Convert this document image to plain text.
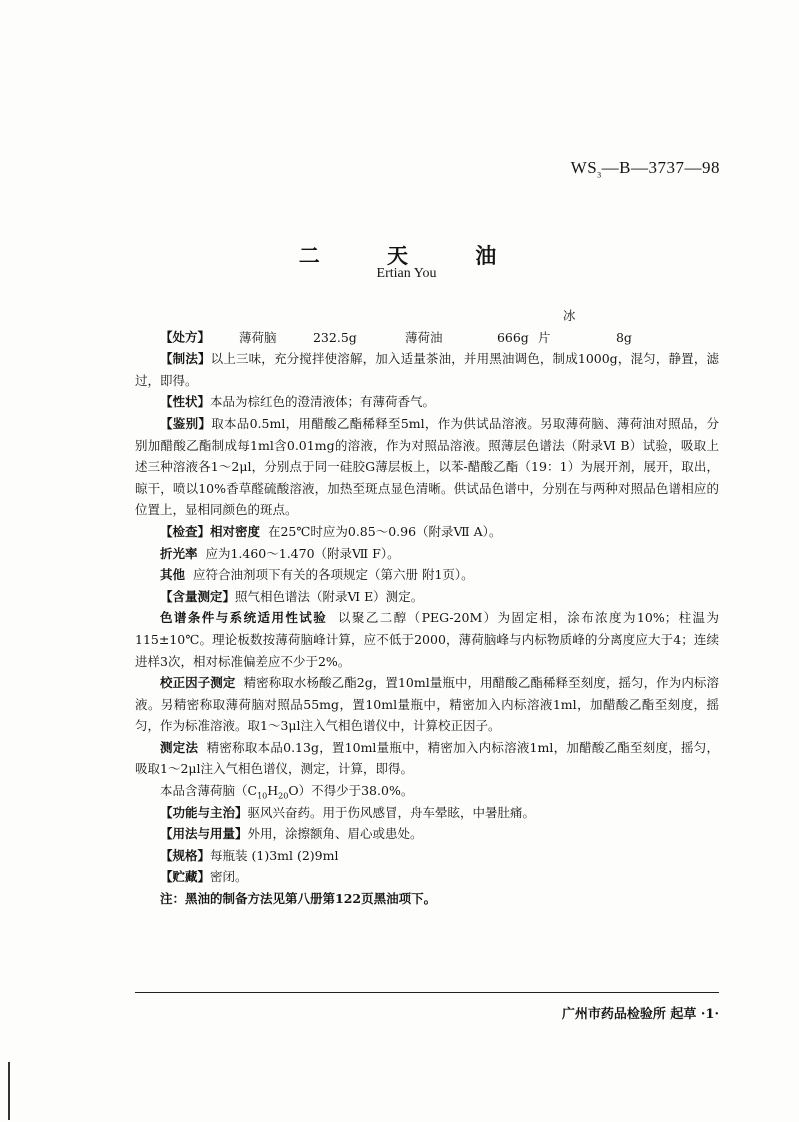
$WS_3—B—3737—98$
二 天 油
Ertian You

【处方】 薄荷脑	232.5g	薄荷油	666g 冰片	8g

【制法】以上三味，充分搅拌使溶解，加入适量茶油，并用黑油调色，制成1000g，混匀，静置，滤过，即得。

【性状】本品为棕红色的澄清液体；有薄荷香气。

【鉴别】取本品0.5ml，用醋酸乙酯稀释至5ml，作为供试品溶液。另取薄荷脑、薄荷油对照品，分别加醋酸乙酯制成每1ml含0.01mg的溶液，作为对照品溶液。照薄层色谱法（附录Ⅵ B）试验，吸取上述三种溶液各1～2μl，分别点于同一硅胶G薄层板上，以苯-醋酸乙酯（19：1）为展开剂，展开，取出，晾干，喷以10%香草醛硫酸溶液，加热至斑点显色清晰。供试品色谱中，分别在与两种对照品色谱相应的位置上，显相同颜色的斑点。

【检查】相对密度 在25℃时应为0.85～0.96（附录Ⅶ A）。

折光率 应为1.460～1.470（附录Ⅶ F）。

其他 应符合油剂项下有关的各项规定（第六册 附1页）。

【含量测定】照气相色谱法（附录Ⅵ E）测定。

色谱条件与系统适用性试验 以聚乙二醇（PEG-20M）为固定相，涂布浓度为10%；柱温为115±10℃。理论板数按薄荷脑峰计算，应不低于2000，薄荷脑峰与内标物质峰的分离度应大于4；连续进样3次，相对标准偏差应不少于2%。

校正因子测定 精密称取水杨酸乙酯2g，置10ml量瓶中，用醋酸乙酯稀释至刻度，摇匀，作为内标溶液。另精密称取薄荷脑对照品55mg，置10ml量瓶中，精密加入内标溶液1ml，加醋酸乙酯至刻度，摇匀，作为标准溶液。取1～3μl注入气相色谱仪中，计算校正因子。

测定法 精密称取本品0.13g，置10ml量瓶中，精密加入内标溶液1ml，加醋酸乙酯至刻度，摇匀，吸取1～2μl注入气相色谱仪，测定，计算，即得。

本品含薄荷脑$(C_{10}H_{20}O)$不得少于38.0%。

【功能与主治】驱风兴奋药。用于伤风感冒，舟车晕眩，中暑肚痛。

【用法与用量】外用，涂擦额角、眉心或患处。

【规格】每瓶装 (1)3ml (2)9ml

【贮藏】密闭。

注：黑油的制备方法见第八册第122页黑油项下。

广州市药品检验所 起草 ·1·
